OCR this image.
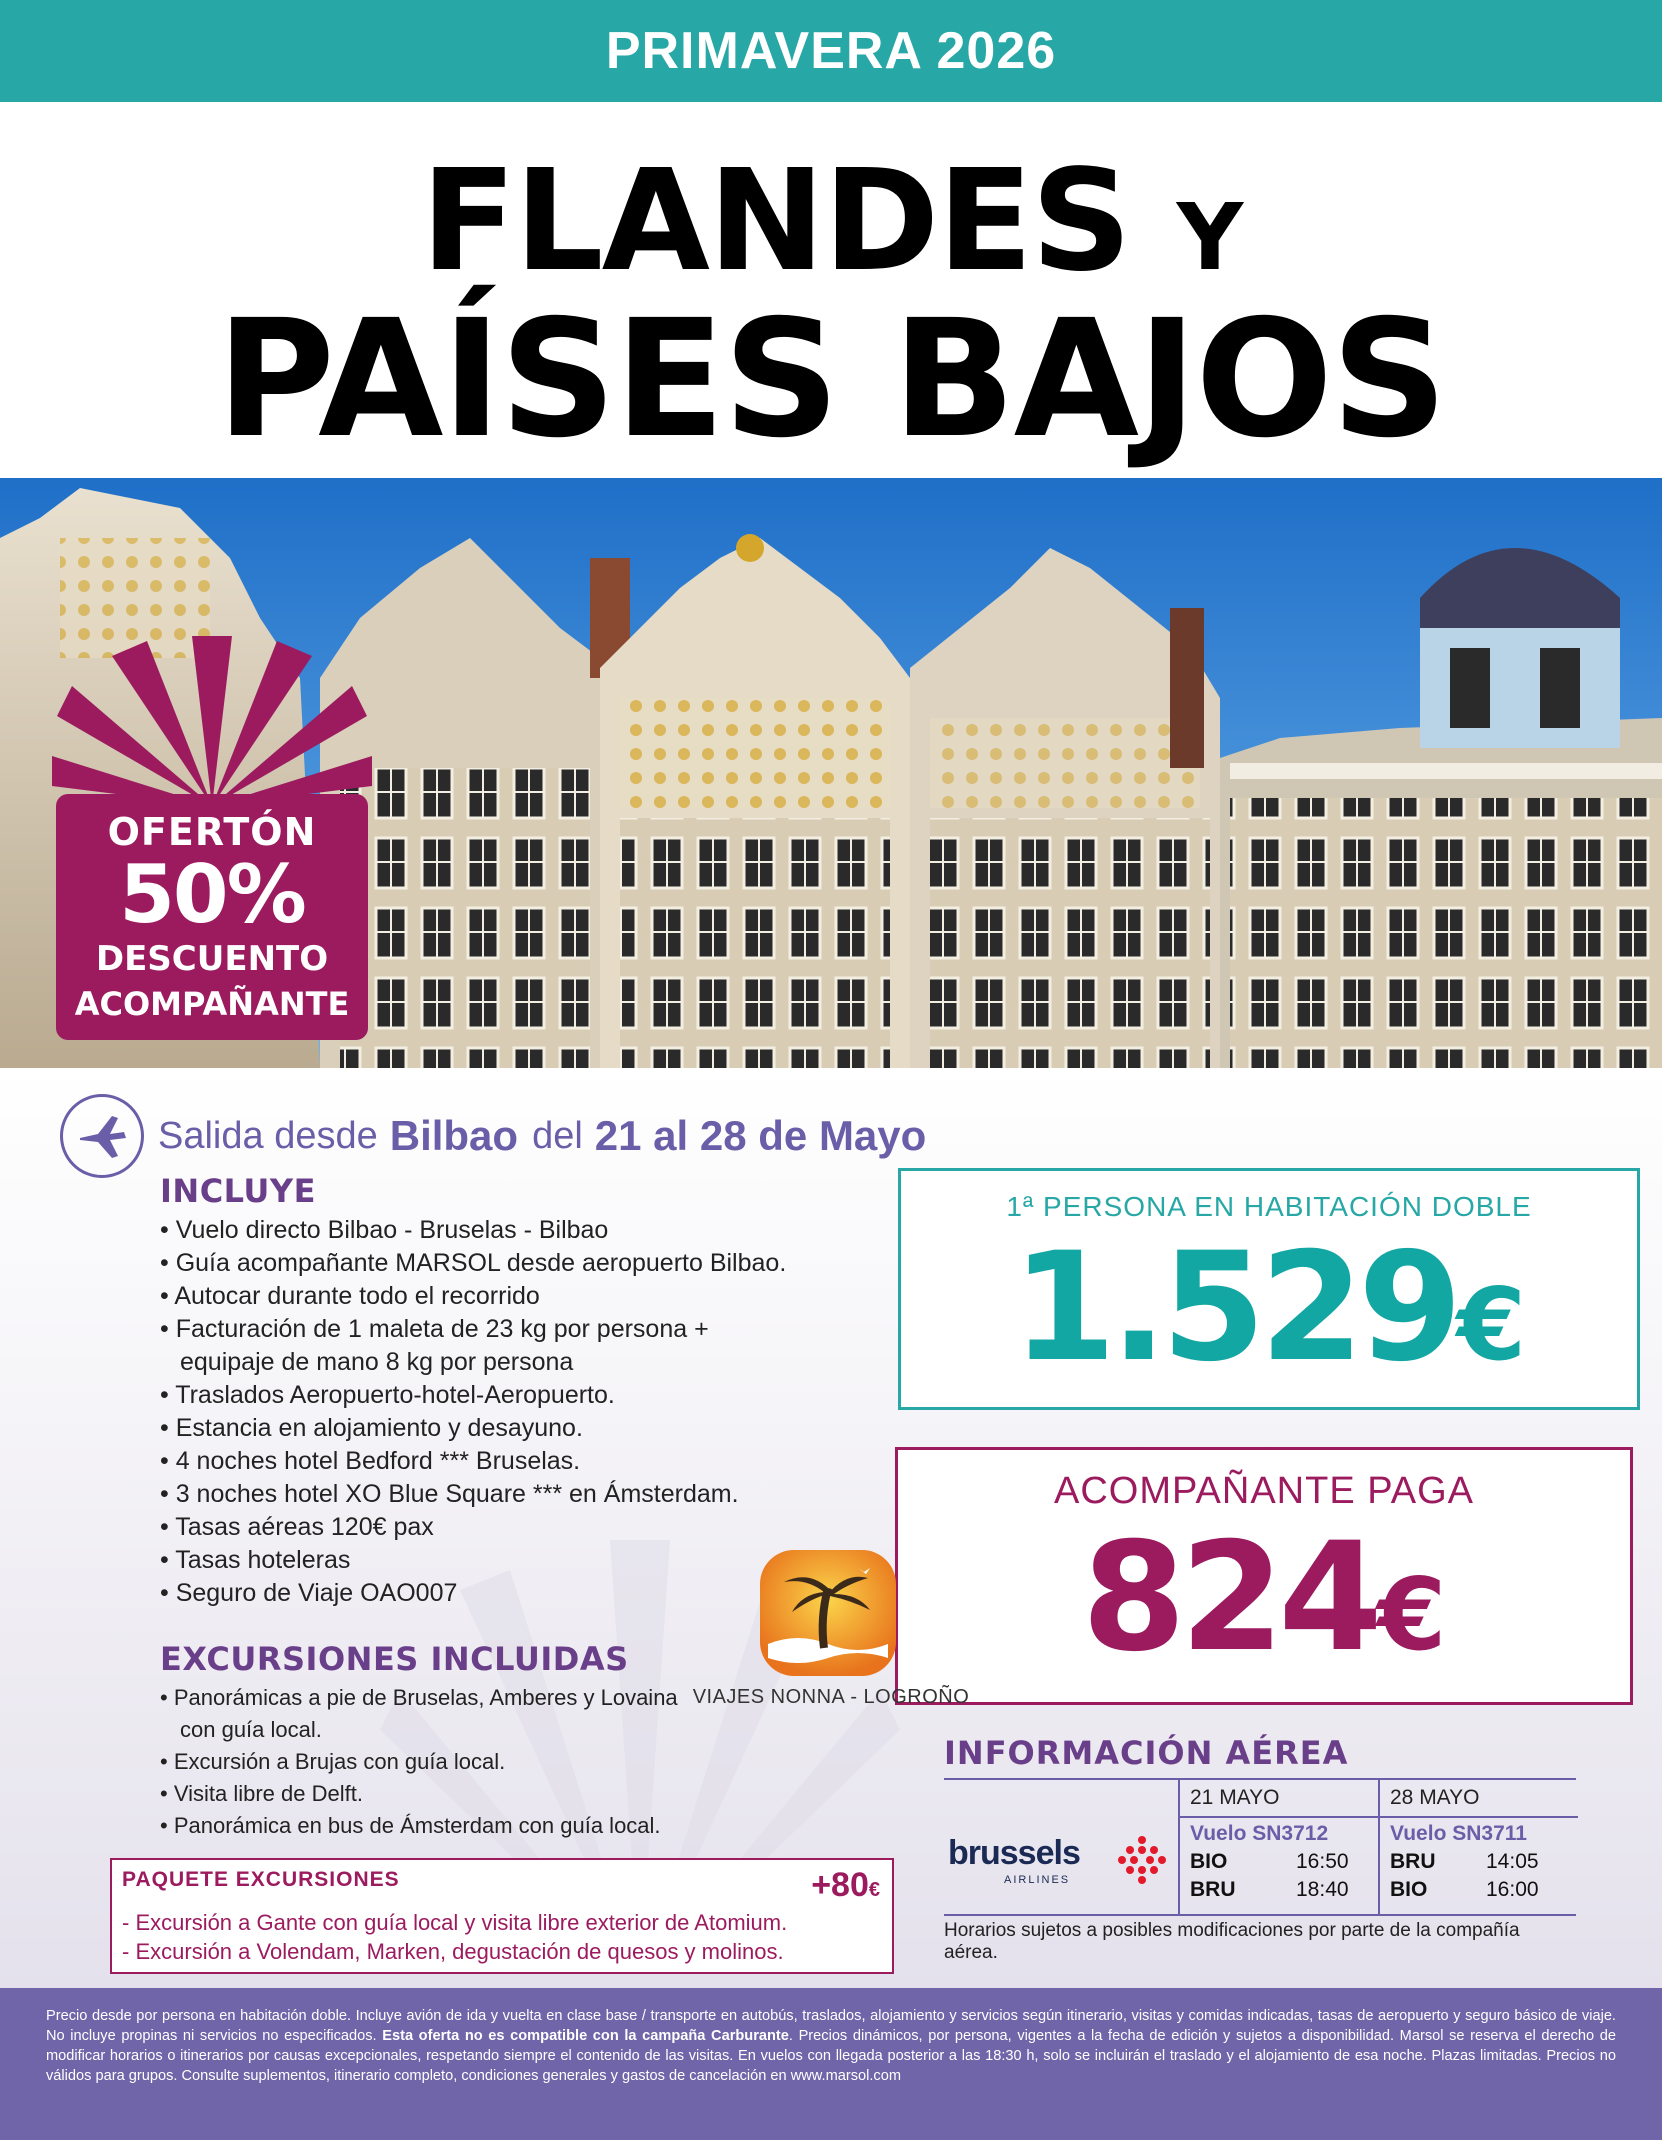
PRIMAVERA 2026
FLANDES Y
PAÍSES BAJOS
OFERTÓN
50%
DESCUENTO
ACOMPAÑANTE
Salida desde Bilbao del 21 al 28 de Mayo
INCLUYE
• Vuelo directo Bilbao - Bruselas - Bilbao
• Guía acompañante MARSOL desde aeropuerto Bilbao.
• Autocar durante todo el recorrido
• Facturación de 1 maleta de 23 kg por persona + equipaje de mano 8 kg por persona
• Traslados Aeropuerto-hotel-Aeropuerto.
• Estancia en alojamiento y desayuno.
• 4 noches hotel Bedford *** Bruselas.
• 3 noches hotel XO Blue Square *** en Ámsterdam.
• Tasas aéreas 120€ pax
• Tasas hoteleras
• Seguro de Viaje OAO007
EXCURSIONES INCLUIDAS
• Panorámicas a pie de Bruselas, Amberes y Lovaina con guía local.
• Excursión a Brujas con guía local.
• Visita libre de Delft.
• Panorámica en bus de Ámsterdam con guía local.
1ª PERSONA EN HABITACIÓN DOBLE
1.529€
ACOMPAÑANTE PAGA
824€
VIAJES NONNA - LOGROÑO
PAQUETE EXCURSIONES	+80€
- Excursión a Gante con guía local y visita libre exterior de Atomium.
- Excursión a Volendam, Marken, degustación de quesos y molinos.
INFORMACIÓN AÉREA
brussels
AIRLINES
21 MAYO
Vuelo SN3712
BIO	16:50
BRU	18:40
28 MAYO
Vuelo SN3711
BRU 14:05
BIO	16:00
Horarios sujetos a posibles modificaciones por parte de la compañía aérea.
Precio desde por persona en habitación doble. Incluye avión de ida y vuelta en clase base / transporte en autobús, traslados, alojamiento y servicios según itinerario, visitas y comidas indicadas, tasas de aeropuerto y seguro básico de viaje. No incluye propinas ni servicios no especificados. Esta oferta no es compatible con la campaña Carburante. Precios dinámicos, por persona, vigentes a la fecha de edición y sujetos a disponibilidad. Marsol se reserva el derecho de modificar horarios o itinerarios por causas excepcionales, respetando siempre el contenido de las visitas. En vuelos con llegada posterior a las 18:30 h, solo se incluirán el traslado y el alojamiento de esa noche. Plazas limitadas. Precios no válidos para grupos. Consulte suplementos, itinerario completo, condiciones generales y gastos de cancelación en www.marsol.com
